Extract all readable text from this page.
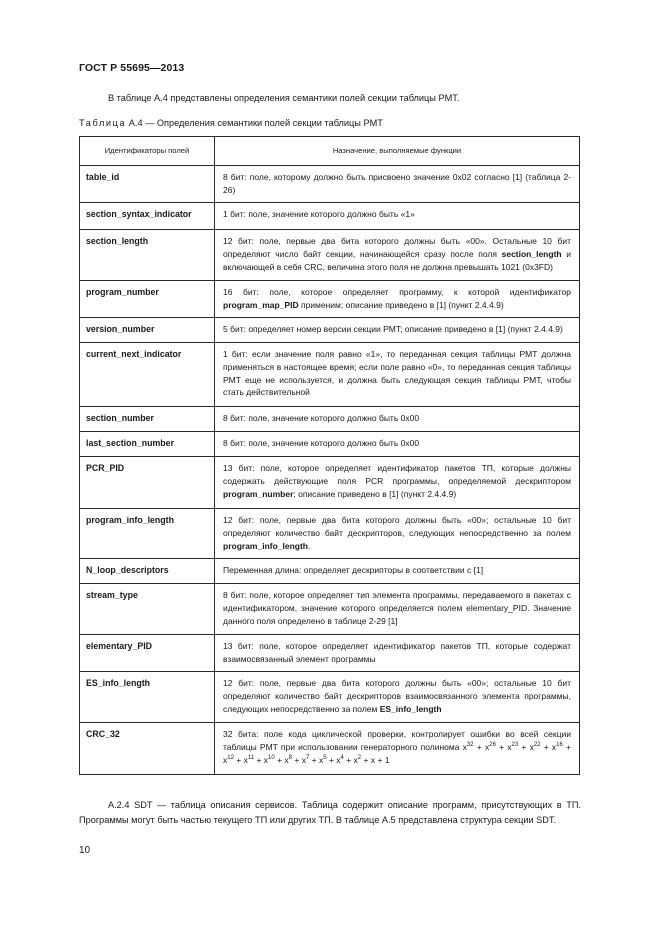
ГОСТ Р 55695—2013
В таблице А.4 представлены определения семантики полей секции таблицы PMT.
Таблица А.4 — Определения семантики полей секции таблицы PMT
Идентификаторы полей	Назначение, выполняемые функции
table_id	8 бит: поле, которому должно быть присвоено значение 0x02 согласно [1] (таблица 2-26)
section_syntax_indicator	1 бит: поле, значение которого должно быть «1»
section_length	12 бит: поле, первые два бита которого должны быть «00». Остальные 10 бит определяют число байт секции, начинающейся сразу после поля section_length и включающей в себя CRC, величина этого поля не должна превышать 1021 (0x3FD)
program_number	16 бит: поле, которое определяет программу, к которой идентификатор program_map_PID применим; описание приведено в [1] (пункт 2.4.4.9)
version_number	5 бит: определяет номер версии секции PMT; описание приведено в [1] (пункт 2.4.4.9)
current_next_indicator	1 бит: если значение поля равно «1», то переданная секция таблицы PMT должна применяться в настоящее время; если поле равно «0», то переданная секция таблицы PMT еще не используется, и должна быть следующая секция таблицы PMT, чтобы стать действительной
section_number	8 бит: поле, значение которого должно быть 0x00
last_section_number	8 бит: поле, значение которого должно быть 0x00
PCR_PID	13 бит: поле, которое определяет идентификатор пакетов ТП, которые должны содержать действующие поля PCR программы, определяемой дескриптором program_number; описание приведено в [1] (пункт 2.4.4.9)
program_info_length	12 бит: поле, первые два бита которого должны быть «00»; остальные 10 бит определяют количество байт дескрипторов, следующих непосредственно за полем program_info_length.
N_loop_descriptors	Переменная длина: определяет дескрипторы в соответствии с [1]
stream_type	8 бит: поле, которое определяет тип элемента программы, передаваемого в пакетах с идентификатором, значение которого определяется полем elementary_PID. Значение данного поля определено в таблице 2-29 [1]
elementary_PID	13 бит: поле, которое определяет идентификатор пакетов ТП, которые содержат взаимосвязанный элемент программы
ES_info_length	12 бит: поле, первые два бита которого должны быть «00»; остальные 10 бит определяют количество байт дескрипторов взаимосвязанного элемента программы, следующих непосредственно за полем ES_info_length
CRC_32	32 бита: поле кода циклической проверки, контролирует ошибки во всей секции таблицы PMT при использовании генераторного полинома $x^{32} + x^{26} + x^{23} + x^{22} + x^{16} + x^{12} + x^{11} + x^{10} + x^8 + x^7 + x^5 + x^4 + x^2 + x + 1$
А.2.4 SDT — таблица описания сервисов. Таблица содержит описание программ, присутствующих в ТП. Программы могут быть частью текущего ТП или других ТП. В таблице А.5 представлена структура секции SDT.
10
